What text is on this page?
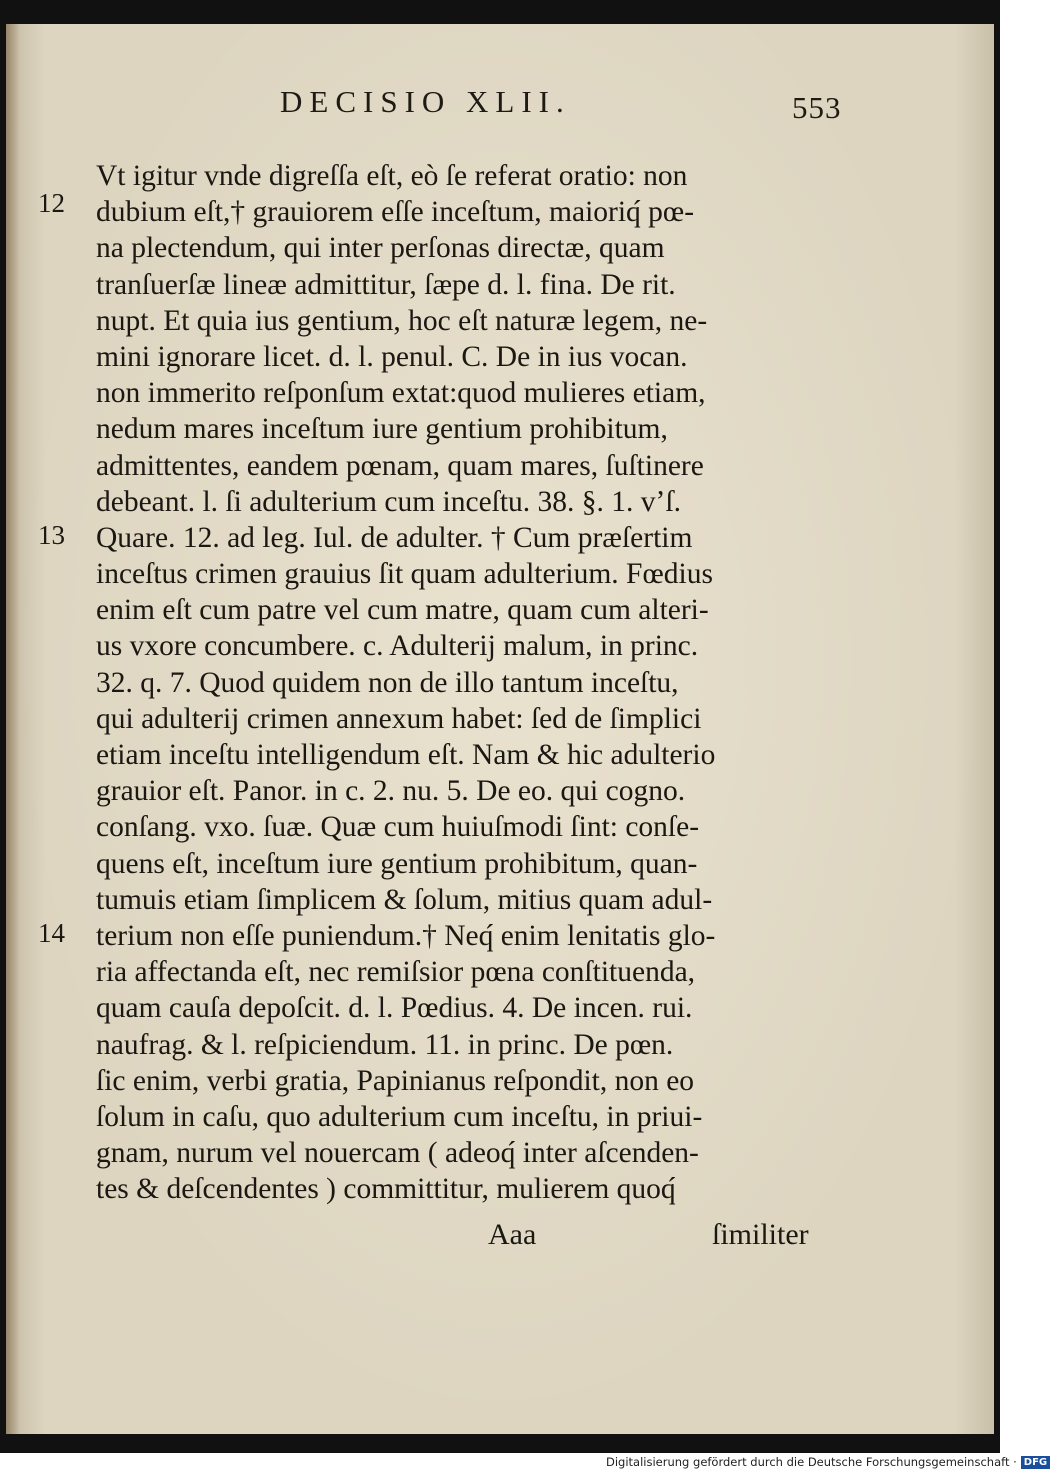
DECISIO XLII.	553
12
13
14
Vt igitur vnde digreſſa eſt, eò ſe referat oratio: non
dubium eſt,† grauiorem eſſe inceſtum, maioriq́ pœ-
na plectendum, qui inter perſonas directæ, quam
tranſuerſæ lineæ admittitur, ſæpe d. l. fina. De rit.
nupt. Et quia ius gentium, hoc eſt naturæ legem, ne-
mini ignorare licet. d. l. penul. C. De in ius vocan.
non immerito reſponſum extat:quod mulieres etiam,
nedum mares inceſtum iure gentium prohibitum,
admittentes, eandem pœnam, quam mares, ſuſtinere
debeant. l. ſi adulterium cum inceſtu. 38. §. 1. vʼſ.
Quare. 12. ad leg. Iul. de adulter. † Cum præſertim
inceſtus crimen grauius ſit quam adulterium. Fœdius
enim eſt cum patre vel cum matre, quam cum alteri-
us vxore concumbere. c. Adulterij malum, in princ.
32. q. 7. Quod quidem non de illo tantum inceſtu,
qui adulterij crimen annexum habet: ſed de ſimplici
etiam inceſtu intelligendum eſt. Nam & hic adulterio
grauior eſt. Panor. in c. 2. nu. 5. De eo. qui cogno.
conſang. vxo. ſuæ. Quæ cum huiuſmodi ſint: conſe-
quens eſt, inceſtum iure gentium prohibitum, quan-
tumuis etiam ſimplicem & ſolum, mitius quam adul-
terium non eſſe puniendum.† Neq́ enim lenitatis glo-
ria affectanda eſt, nec remiſsior pœna conſtituenda,
quam cauſa depoſcit. d. l. Pœdius. 4. De incen. rui.
naufrag. & l. reſpiciendum. 11. in princ. De pœn.
ſic enim, verbi gratia, Papinianus reſpondit, non eo
ſolum in caſu, quo adulterium cum inceſtu, in priui-
gnam, nurum vel nouercam ( adeoq́ inter aſcenden-
tes & deſcendentes ) committitur, mulierem quoq́
Aaa	ſimiliter
Digitalisierung gefördert durch die Deutsche Forschungsgemeinschaft · DFG
